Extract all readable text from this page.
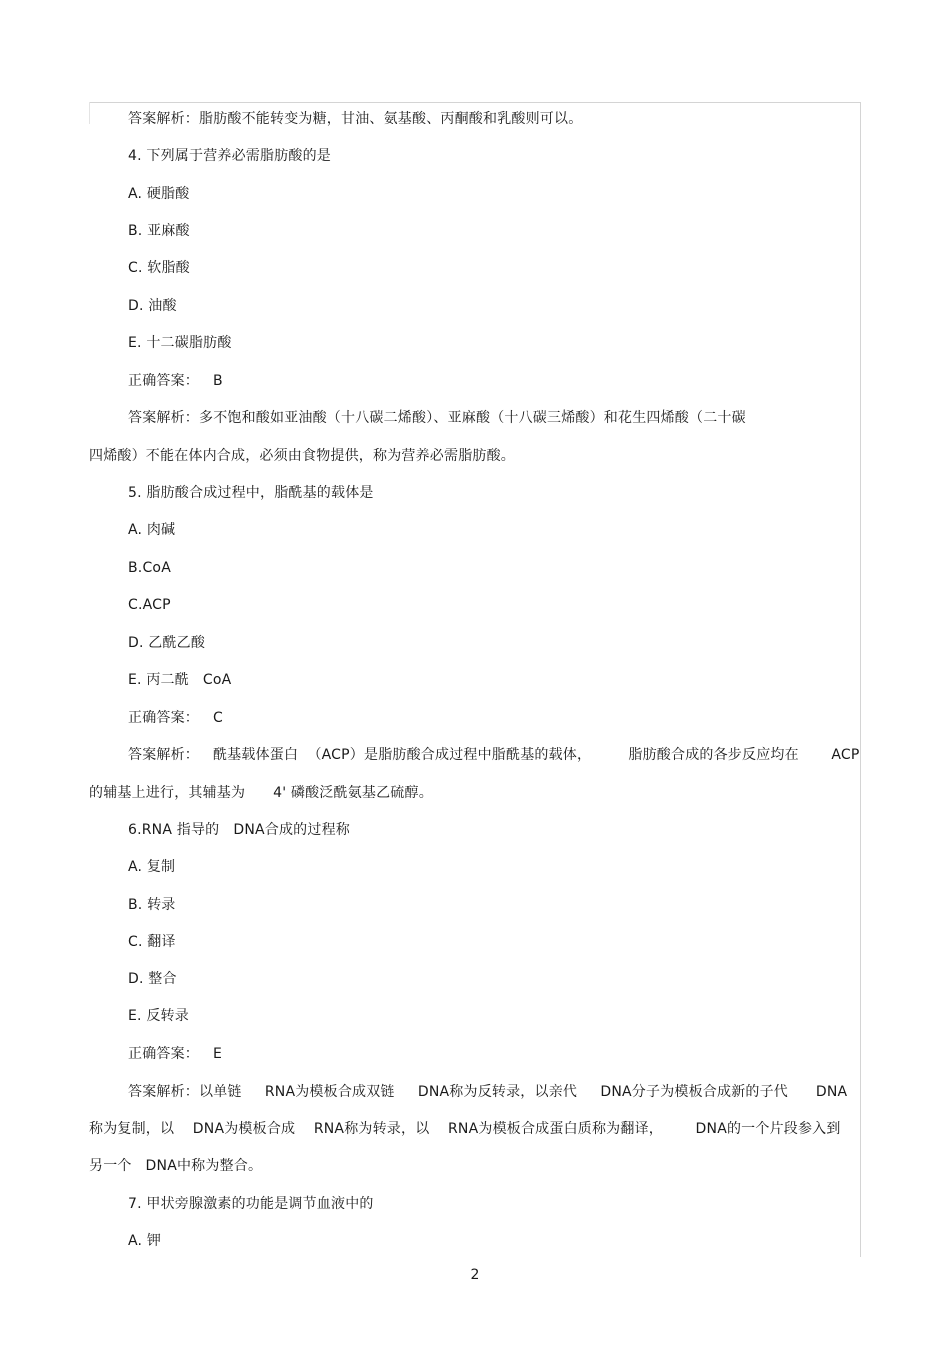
答案解析：脂肪酸不能转变为糖，甘油、氨基酸、丙酮酸和乳酸则可以。
4. 下列属于营养必需脂肪酸的是
A. 硬脂酸
B. 亚麻酸
C. 软脂酸
D. 油酸
E. 十二碳脂肪酸
正确答案：   B
答案解析：多不饱和酸如亚油酸（十八碳二烯酸）、亚麻酸（十八碳三烯酸）和花生四烯酸（二十碳
四烯酸）不能在体内合成，必须由食物提供，称为营养必需脂肪酸。
5. 脂肪酸合成过程中，脂酰基的载体是
A. 肉碱
B.CoA
C.ACP
D. 乙酰乙酸
E. 丙二酰   CoA
正确答案：   C
答案解析：   酰基载体蛋白  （ACP）是脂肪酸合成过程中脂酰基的载体，        脂肪酸合成的各步反应均在       ACP
的辅基上进行，其辅基为      4' 磷酸泛酰氨基乙硫醇。
6.RNA 指导的   DNA合成的过程称
A. 复制
B. 转录
C. 翻译
D. 整合
E. 反转录
正确答案：   E
答案解析：以单链     RNA为模板合成双链     DNA称为反转录，以亲代     DNA分子为模板合成新的子代      DNA
称为复制，以    DNA为模板合成    RNA称为转录，以    RNA为模板合成蛋白质称为翻译，       DNA的一个片段参入到
另一个   DNA中称为整合。
7. 甲状旁腺激素的功能是调节血液中的
A. 钾
2
